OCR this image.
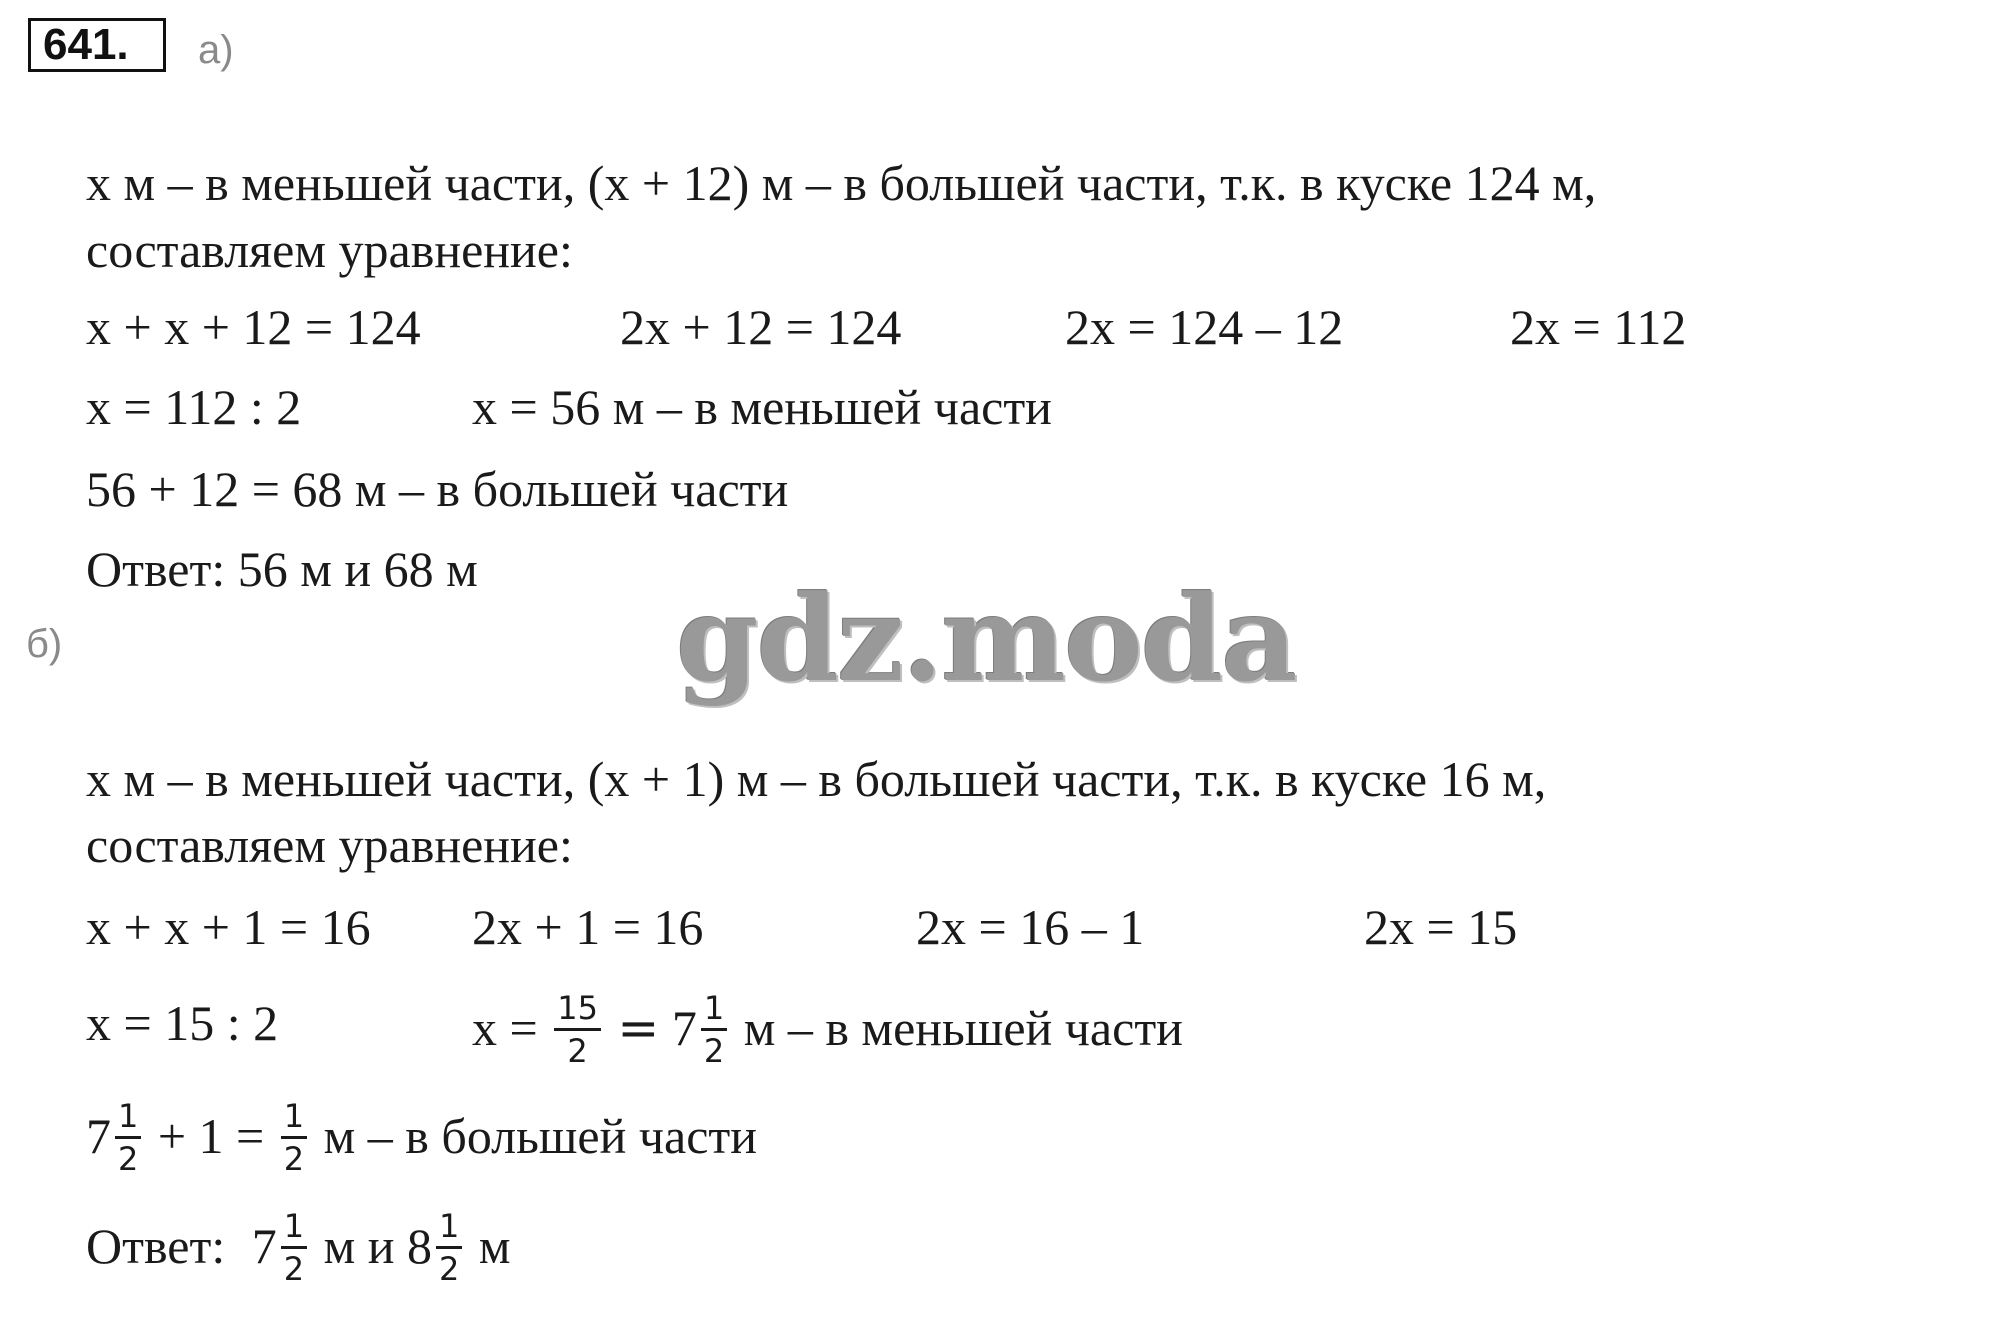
641.	а)
х м – в меньшей части, (х + 12) м – в большей части, т.к. в куске 124 м,
составляем уравнение:
х + х + 12 = 124	2х + 12 = 124	2х = 124 – 12	2х = 112
х = 112 : 2	х = 56 м – в меньшей части
56 + 12 = 68 м – в большей части
Ответ: 56 м и 68 м
б)	gdz.moda
х м – в меньшей части, (х + 1) м – в большей части, т.к. в куске 16 м,
составляем уравнение:
х + х + 1 = 16 2х + 1 = 16	2х = 16 – 1	2х = 15
х = 15 : 2	$х = \frac{15}{2} = 7 \frac{1}{2}$ м – в меньшей части
$7 \frac{1}{2} + 1 = \frac{1}{2}$ м – в большей части
Ответ: $7 \frac{1}{2}$ м и $8 \frac{1}{2}$ м
